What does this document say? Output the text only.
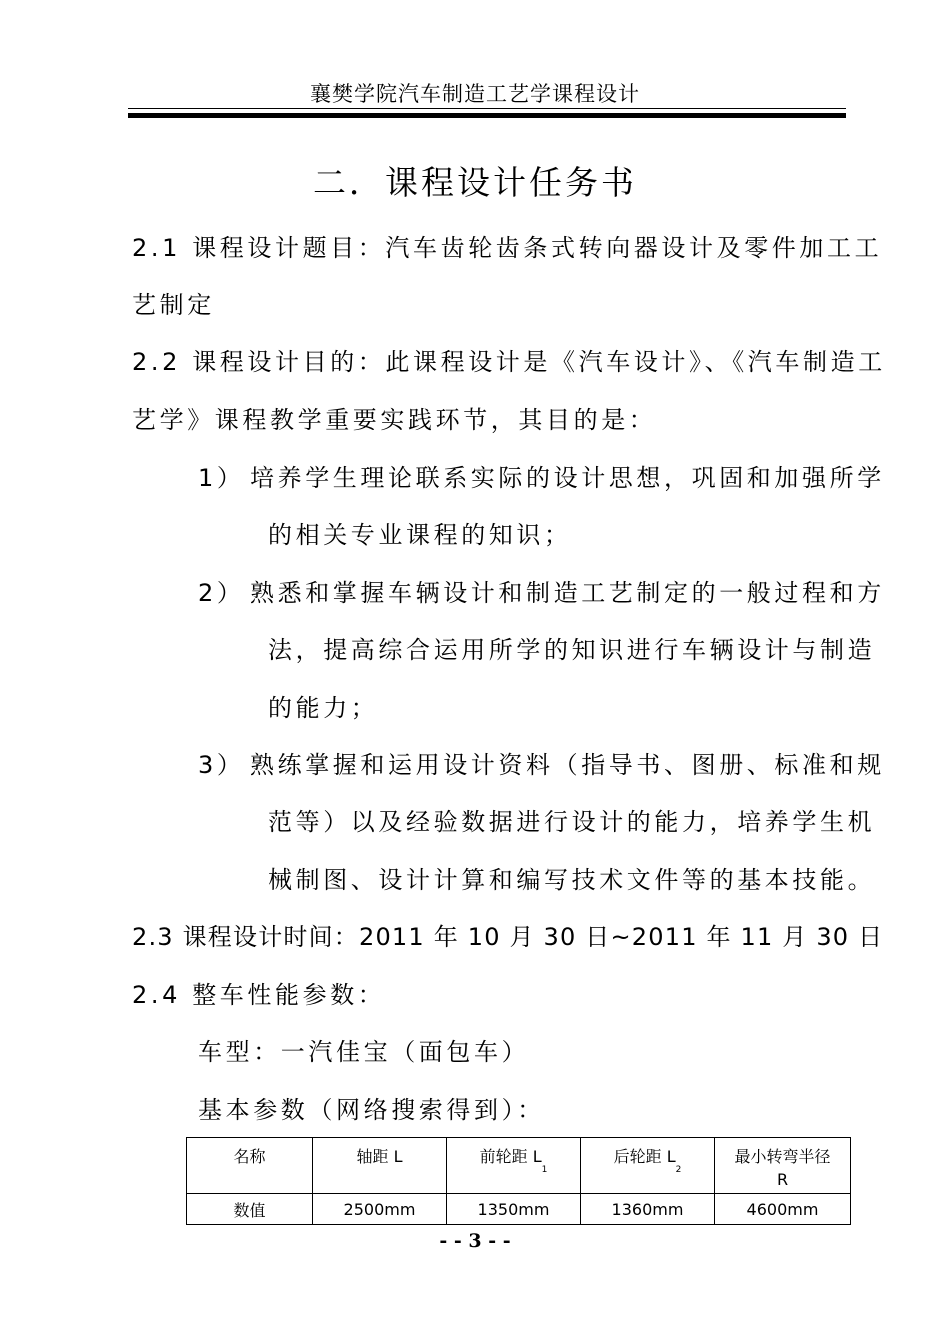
襄樊学院汽车制造工艺学课程设计
二．课程设计任务书
2.1 课程设计题目：汽车齿轮齿条式转向器设计及零件加工工
艺制定
2.2 课程设计目的：此课程设计是《汽车设计》、《汽车制造工
艺学》课程教学重要实践环节，其目的是：
1） 培养学生理论联系实际的设计思想，巩固和加强所学
的相关专业课程的知识；
2） 熟悉和掌握车辆设计和制造工艺制定的一般过程和方
法，提高综合运用所学的知识进行车辆设计与制造
的能力；
3） 熟练掌握和运用设计资料（指导书、图册、标准和规
范等）以及经验数据进行设计的能力，培养学生机
械制图、设计计算和编写技术文件等的基本技能。
2.3 课程设计时间：2011 年 10 月 30 日~2011 年 11 月 30 日
2.4 整车性能参数：
车型：一汽佳宝（面包车）
基本参数（网络搜索得到）：
名称	轴距 L	前轮距 $L_1$	后轮距 $L_2$	最小转弯半径
R

数值	2500mm	1350mm	1360mm	4600mm
- - 3 - -
